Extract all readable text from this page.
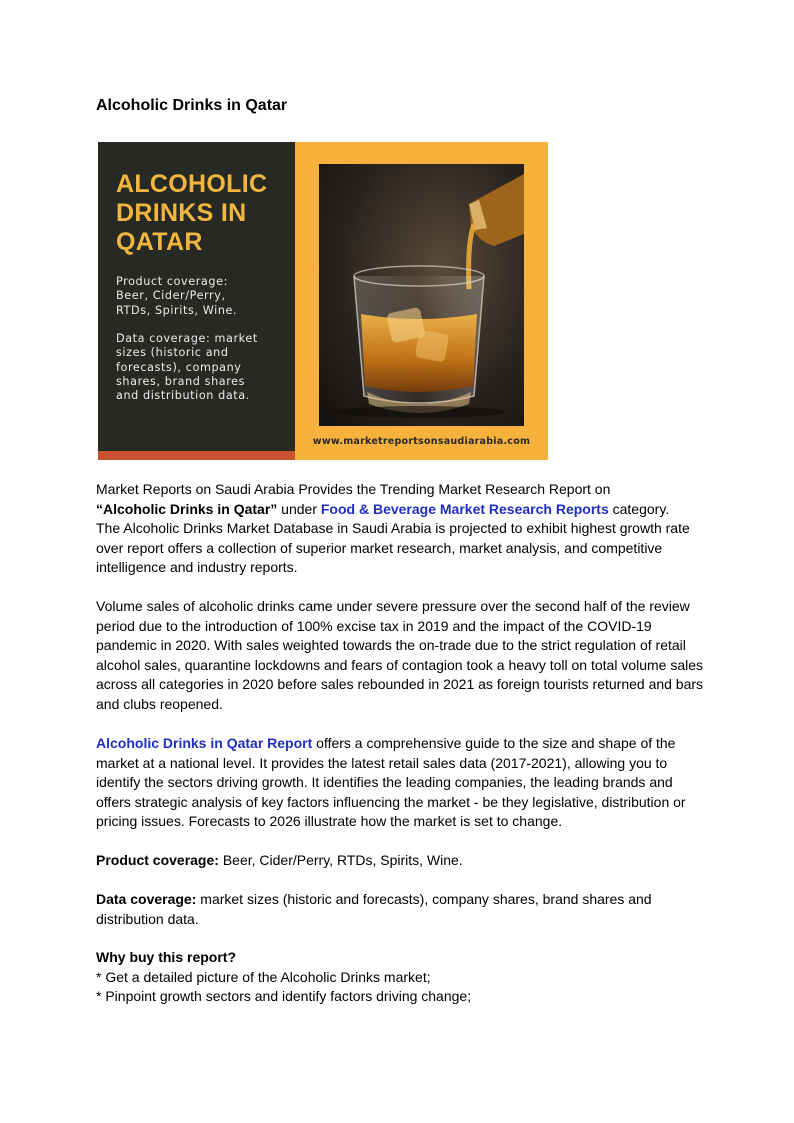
Alcoholic Drinks in Qatar
ALCOHOLIC
DRINKS IN
QATAR
Product coverage:
Beer, Cider/Perry,
RTDs, Spirits, Wine.
Data coverage: market
sizes (historic and
forecasts), company
shares, brand shares
and distribution data.
www.marketreportsonsaudiarabia.com

Market Reports on Saudi Arabia Provides the Trending Market Research Report on
“Alcoholic Drinks in Qatar” under Food & Beverage Market Research Reports category.
The Alcoholic Drinks Market Database in Saudi Arabia is projected to exhibit highest growth rate over report offers a collection of superior market research, market analysis, and competitive intelligence and industry reports.

Volume sales of alcoholic drinks came under severe pressure over the second half of the review period due to the introduction of 100% excise tax in 2019 and the impact of the COVID-19 pandemic in 2020. With sales weighted towards the on-trade due to the strict regulation of retail alcohol sales, quarantine lockdowns and fears of contagion took a heavy toll on total volume sales across all categories in 2020 before sales rebounded in 2021 as foreign tourists returned and bars and clubs reopened.

Alcoholic Drinks in Qatar Report offers a comprehensive guide to the size and shape of the market at a national level. It provides the latest retail sales data (2017-2021), allowing you to identify the sectors driving growth. It identifies the leading companies, the leading brands and offers strategic analysis of key factors influencing the market - be they legislative, distribution or pricing issues. Forecasts to 2026 illustrate how the market is set to change.

Product coverage: Beer, Cider/Perry, RTDs, Spirits, Wine.

Data coverage: market sizes (historic and forecasts), company shares, brand shares and distribution data.

Why buy this report?
* Get a detailed picture of the Alcoholic Drinks market;
* Pinpoint growth sectors and identify factors driving change;
